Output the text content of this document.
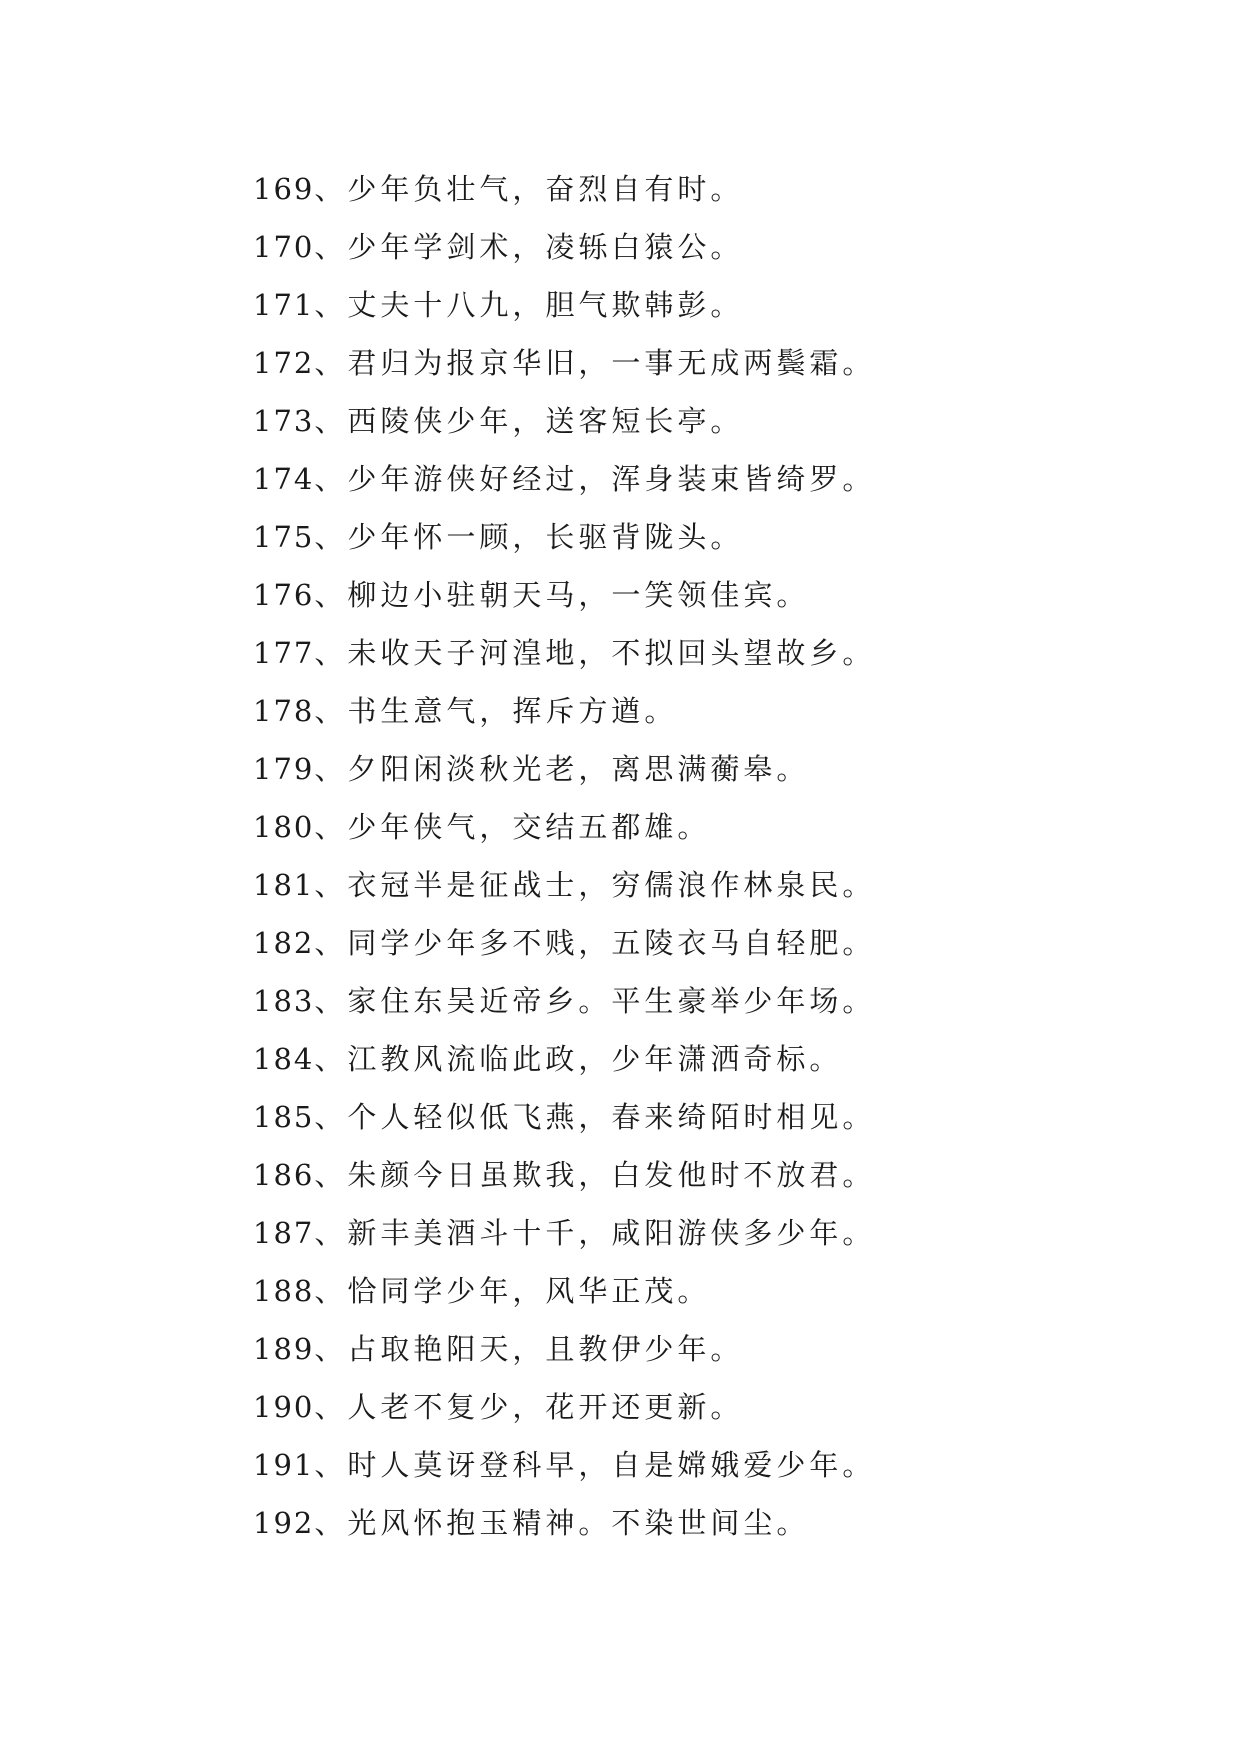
169、少年负壮气，奋烈自有时。
170、少年学剑术，凌轹白猿公。
171、丈夫十八九，胆气欺韩彭。
172、君归为报京华旧，一事无成两鬓霜。
173、西陵侠少年，送客短长亭。
174、少年游侠好经过，浑身装束皆绮罗。
175、少年怀一顾，长驱背陇头。
176、柳边小驻朝天马，一笑领佳宾。
177、未收天子河湟地，不拟回头望故乡。
178、书生意气，挥斥方遒。
179、夕阳闲淡秋光老，离思满蘅皋。
180、少年侠气，交结五都雄。
181、衣冠半是征战士，穷儒浪作林泉民。
182、同学少年多不贱，五陵衣马自轻肥。
183、家住东吴近帝乡。平生豪举少年场。
184、江教风流临此政，少年潇洒奇标。
185、个人轻似低飞燕，春来绮陌时相见。
186、朱颜今日虽欺我，白发他时不放君。
187、新丰美酒斗十千，咸阳游侠多少年。
188、恰同学少年，风华正茂。
189、占取艳阳天，且教伊少年。
190、人老不复少，花开还更新。
191、时人莫讶登科早，自是嫦娥爱少年。
192、光风怀抱玉精神。不染世间尘。
